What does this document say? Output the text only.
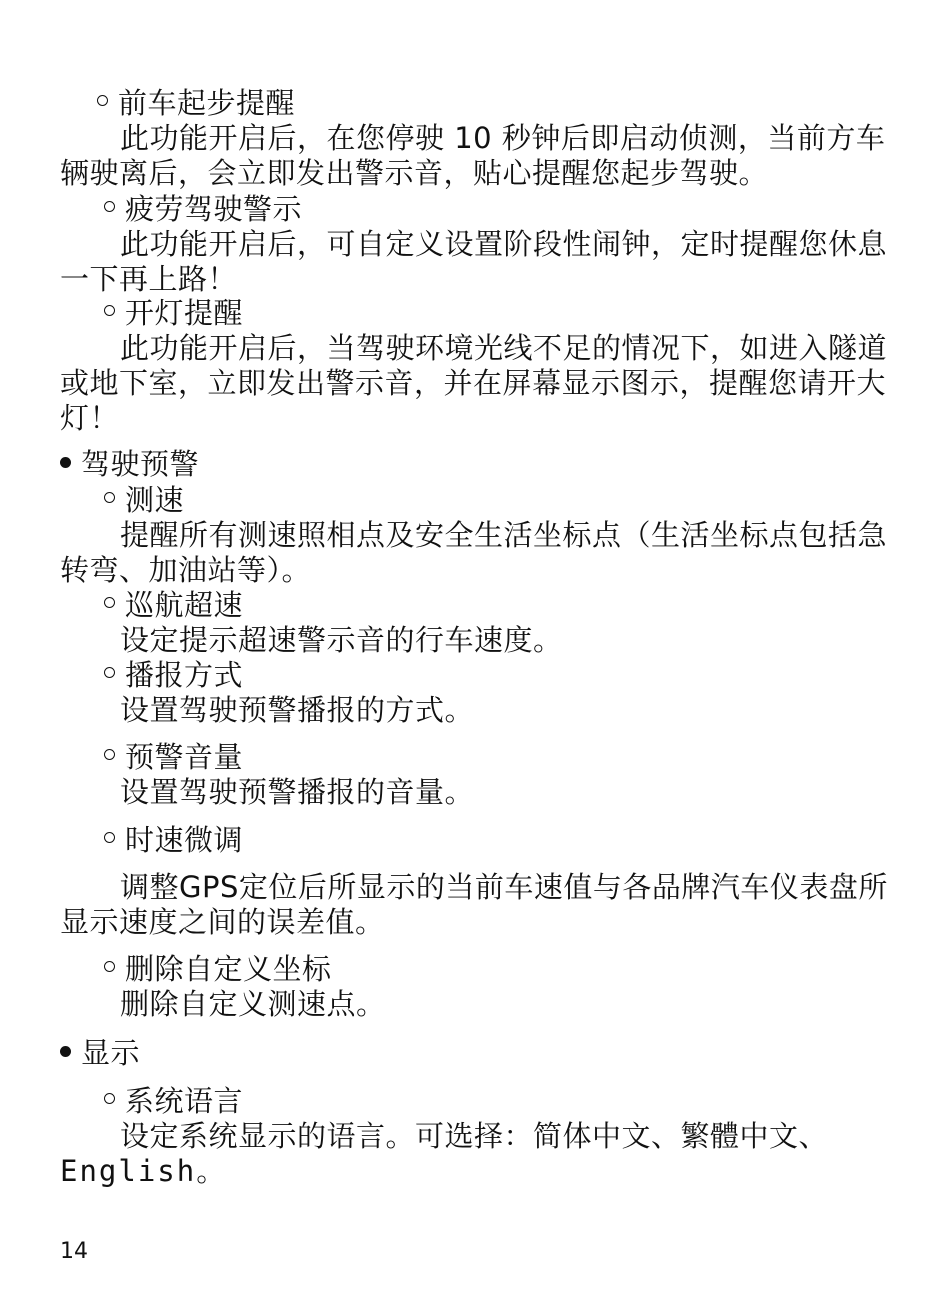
前车起步提醒
此功能开启后，在您停驶 10 秒钟后即启动侦测，当前方车
辆驶离后，会立即发出警示音，贴心提醒您起步驾驶。
疲劳驾驶警示
此功能开启后，可自定义设置阶段性闹钟，定时提醒您休息
一下再上路！
开灯提醒
此功能开启后，当驾驶环境光线不足的情况下，如进入隧道
或地下室，立即发出警示音，并在屏幕显示图示，提醒您请开大
灯！
驾驶预警
测速
提醒所有测速照相点及安全生活坐标点（生活坐标点包括急
转弯、加油站等）。
巡航超速
设定提示超速警示音的行车速度。
播报方式
设置驾驶预警播报的方式。
预警音量
设置驾驶预警播报的音量。
时速微调
调整GPS定位后所显示的当前车速值与各品牌汽车仪表盘所
显示速度之间的误差值。
删除自定义坐标
删除自定义测速点。
显示
系统语言
设定系统显示的语言。可选择：简体中文、繁體中文、
English。
14
